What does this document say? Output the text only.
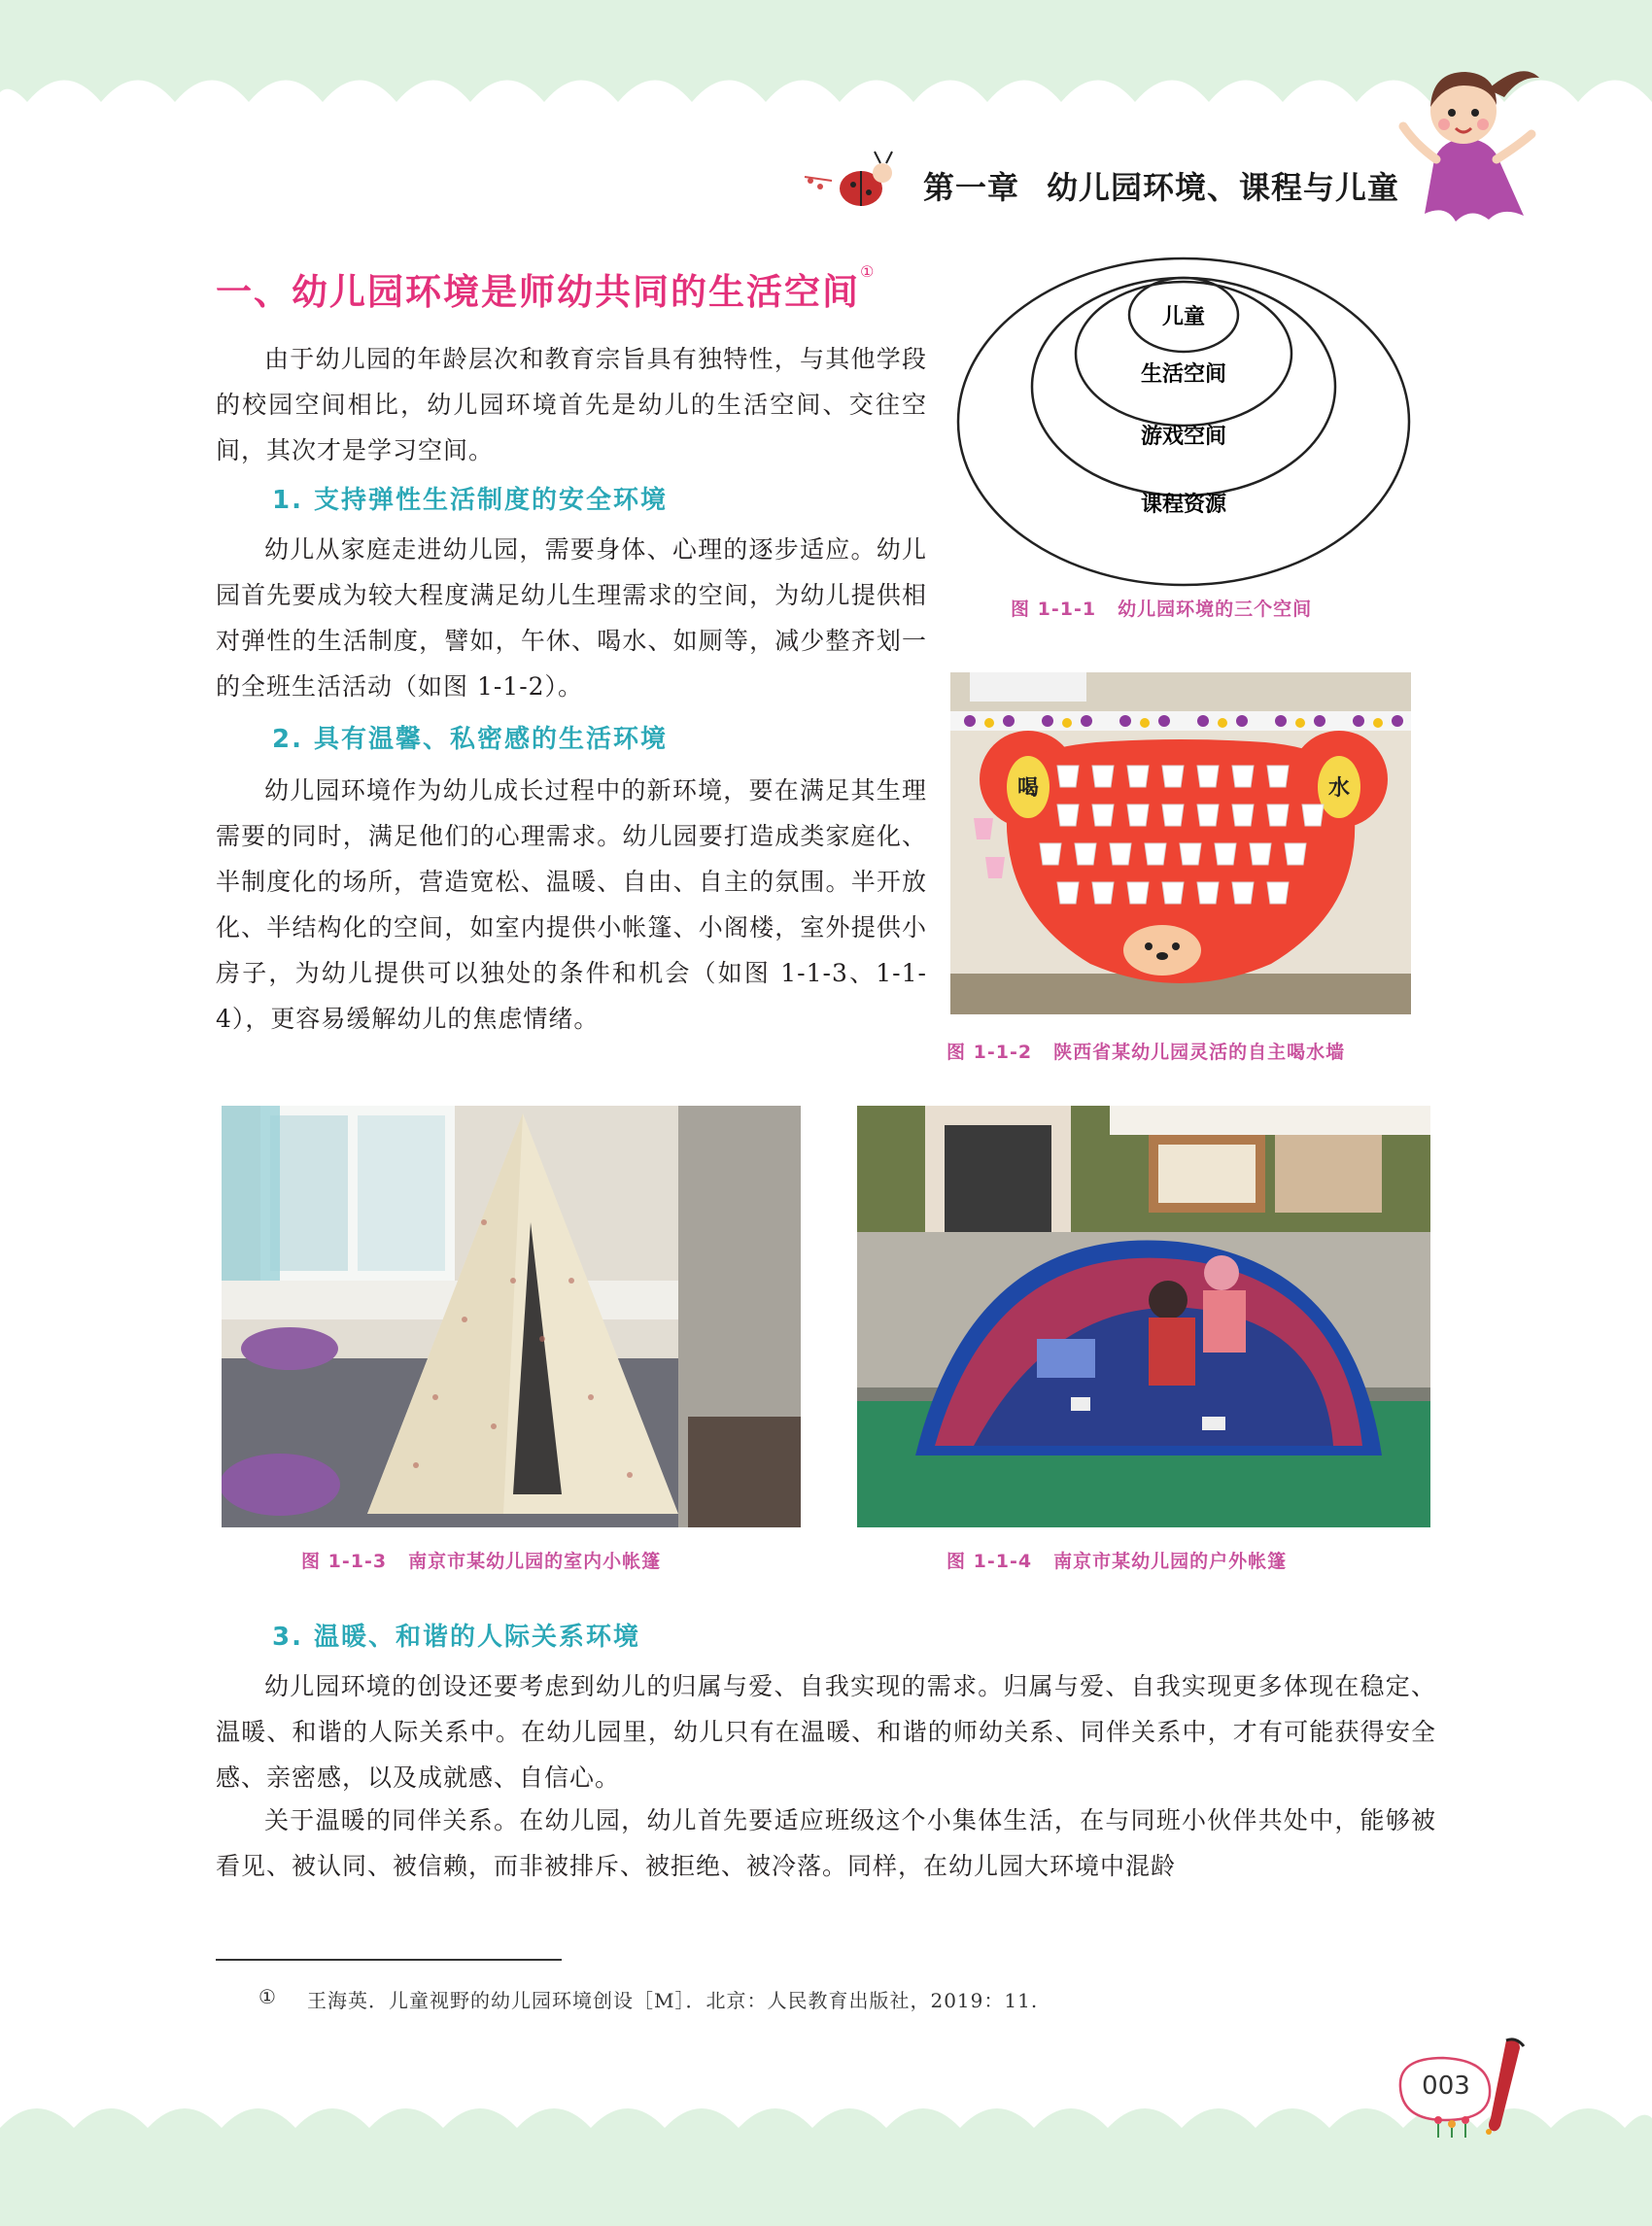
第一章 幼儿园环境、课程与儿童
一、幼儿园环境是师幼共同的生活空间①

由于幼儿园的年龄层次和教育宗旨具有独特性，与其他学段的校园空间相比，幼儿园环境首先是幼儿的生活空间、交往空间，其次才是学习空间。

1. 支持弹性生活制度的安全环境

幼儿从家庭走进幼儿园，需要身体、心理的逐步适应。幼儿园首先要成为较大程度满足幼儿生理需求的空间，为幼儿提供相对弹性的生活制度，譬如，午休、喝水、如厕等，减少整齐划一的全班生活活动（如图 1-1-2）。

2. 具有温馨、私密感的生活环境

幼儿园环境作为幼儿成长过程中的新环境，要在满足其生理需要的同时，满足他们的心理需求。幼儿园要打造成类家庭化、半制度化的场所，营造宽松、温暖、自由、自主的氛围。半开放化、半结构化的空间，如室内提供小帐篷、小阁楼，室外提供小房子，为幼儿提供可以独处的条件和机会（如图 1-1-3、1-1-4），更容易缓解幼儿的焦虑情绪。

儿童
生活空间
游戏空间
课程资源
图 1-1-1 幼儿园环境的三个空间
喝	水
图 1-1-2 陕西省某幼儿园灵活的自主喝水墙
图 1-1-3 南京市某幼儿园的室内小帐篷	图 1-1-4 南京市某幼儿园的户外帐篷
3. 温暖、和谐的人际关系环境

幼儿园环境的创设还要考虑到幼儿的归属与爱、自我实现的需求。归属与爱、自我实现更多体现在稳定、温暖、和谐的人际关系中。在幼儿园里，幼儿只有在温暖、和谐的师幼关系、同伴关系中，才有可能获得安全感、亲密感，以及成就感、自信心。

关于温暖的同伴关系。在幼儿园，幼儿首先要适应班级这个小集体生活，在与同班小伙伴共处中，能够被看见、被认同、被信赖，而非被排斥、被拒绝、被冷落。同样，在幼儿园大环境中混龄

① 王海英．儿童视野的幼儿园环境创设［M］．北京：人民教育出版社，2019：11.
003
